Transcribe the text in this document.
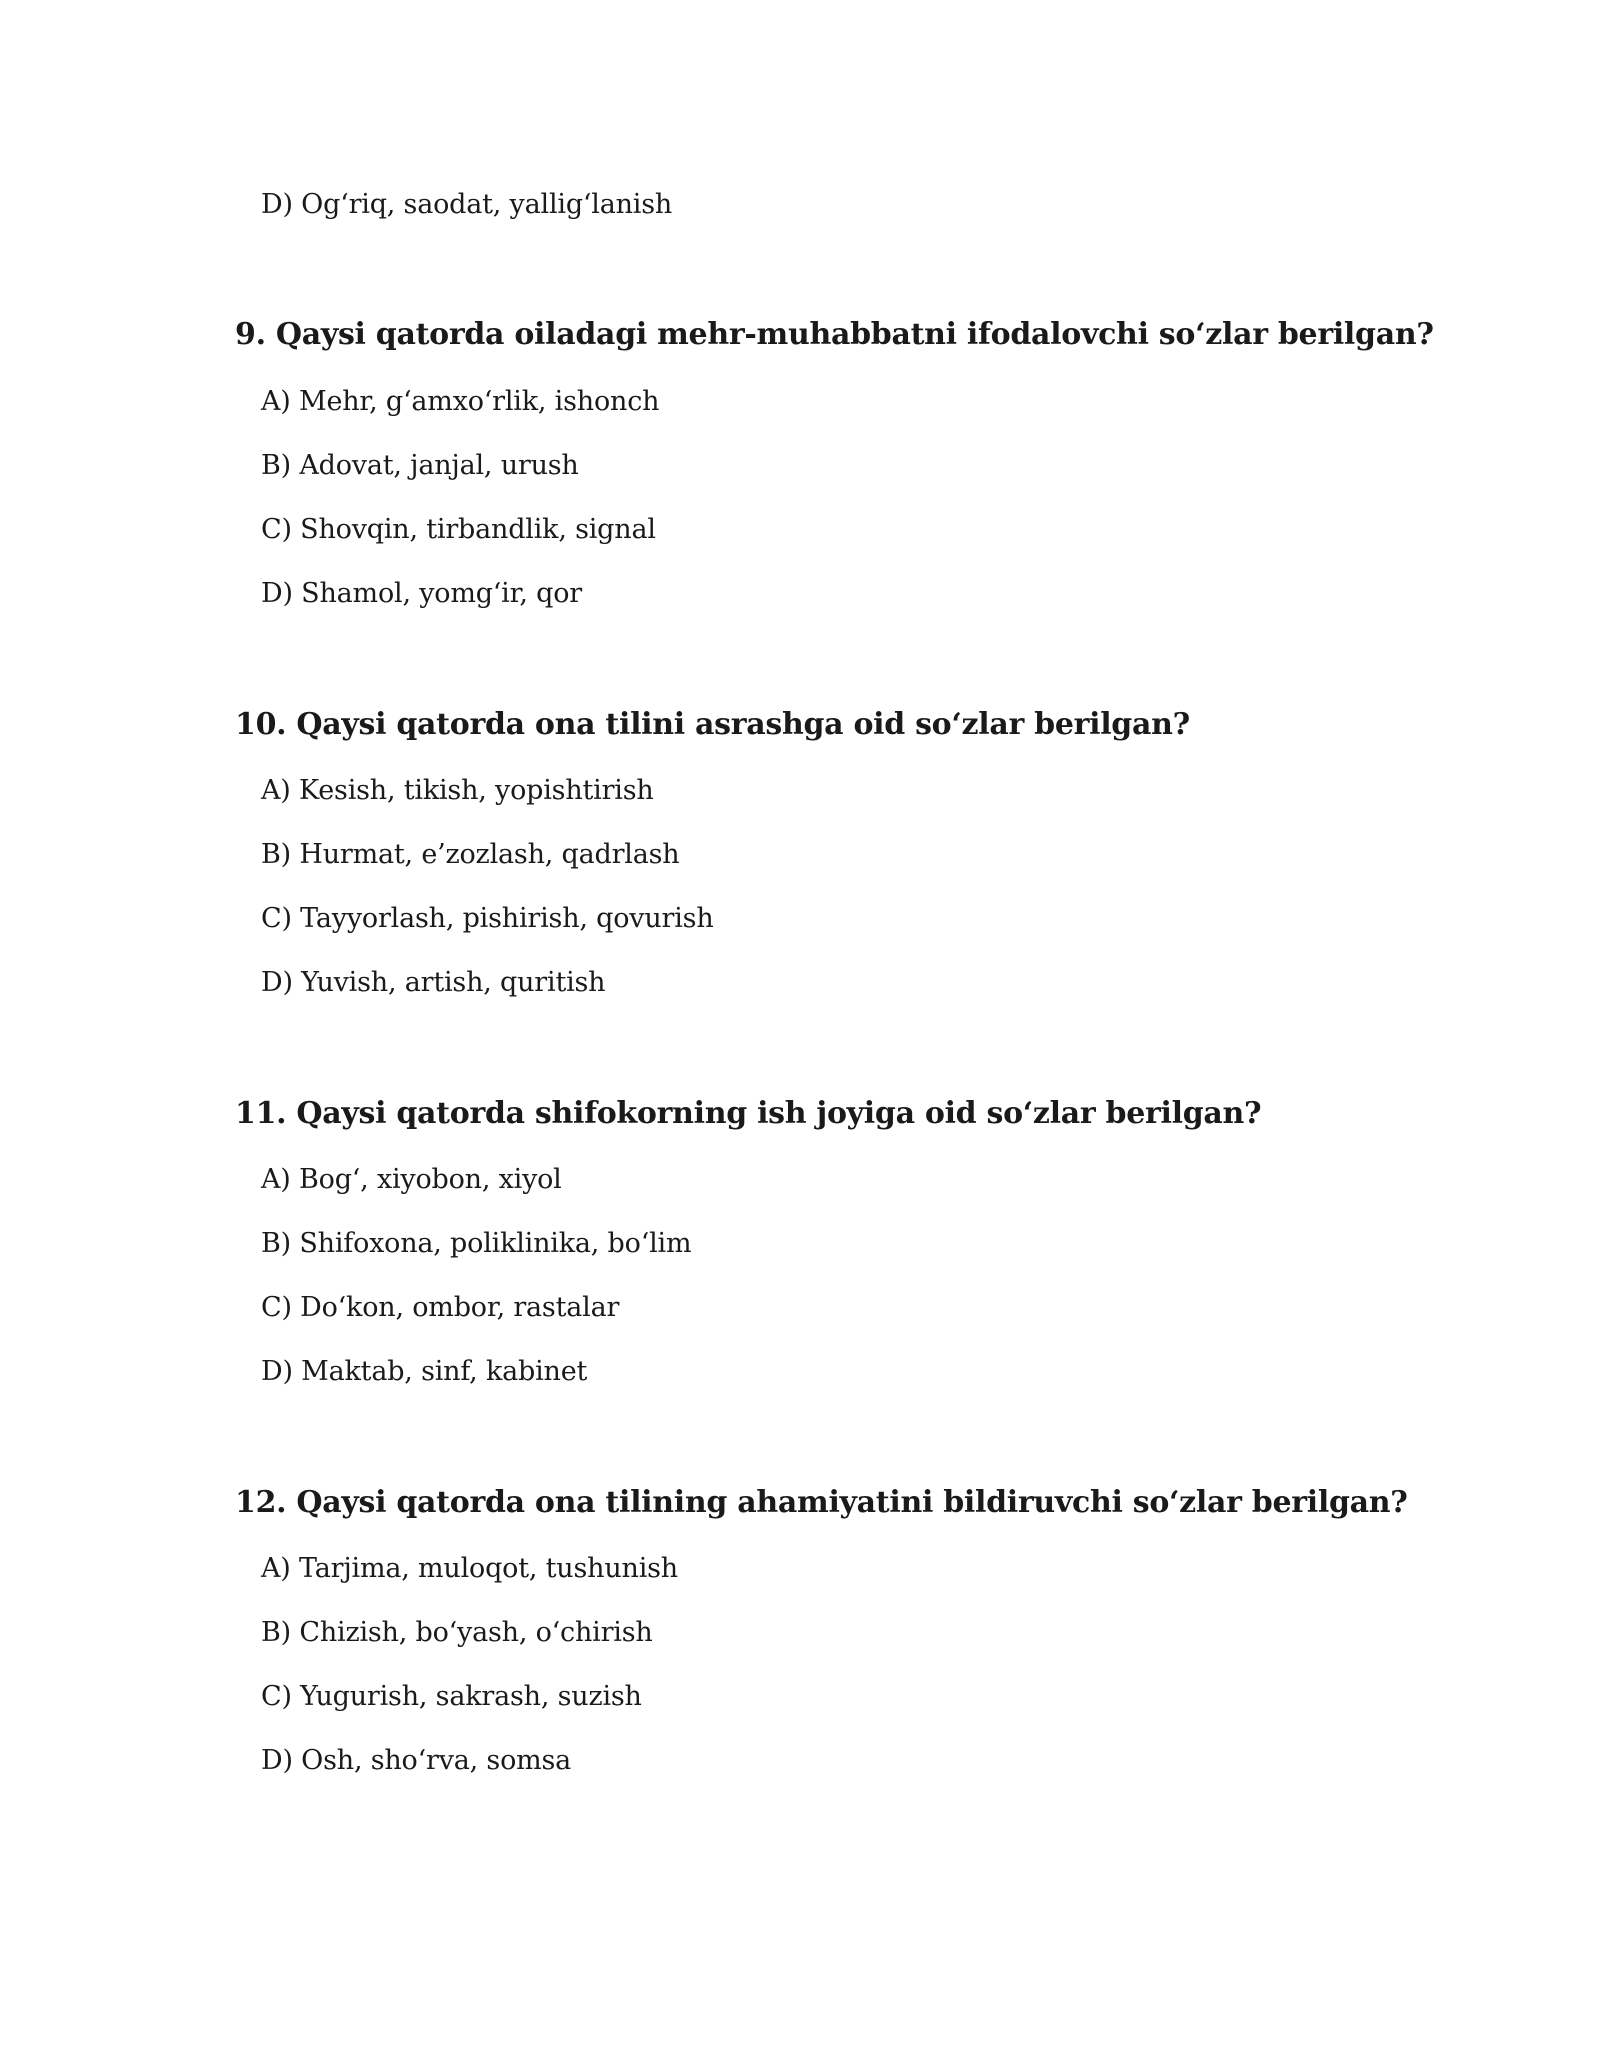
D) Og‘riq, saodat, yallig‘lanish
9. Qaysi qatorda oiladagi mehr-muhabbatni ifodalovchi so‘zlar berilgan?
A) Mehr, g‘amxo‘rlik, ishonch
B) Adovat, janjal, urush
C) Shovqin, tirbandlik, signal
D) Shamol, yomg‘ir, qor
10. Qaysi qatorda ona tilini asrashga oid so‘zlar berilgan?
A) Kesish, tikish, yopishtirish
B) Hurmat, e’zozlash, qadrlash
C) Tayyorlash, pishirish, qovurish
D) Yuvish, artish, quritish
11. Qaysi qatorda shifokorning ish joyiga oid so‘zlar berilgan?
A) Bog‘, xiyobon, xiyol
B) Shifoxona, poliklinika, bo‘lim
C) Do‘kon, ombor, rastalar
D) Maktab, sinf, kabinet
12. Qaysi qatorda ona tilining ahamiyatini bildiruvchi so‘zlar berilgan?
A) Tarjima, muloqot, tushunish
B) Chizish, bo‘yash, o‘chirish
C) Yugurish, sakrash, suzish
D) Osh, sho‘rva, somsa
